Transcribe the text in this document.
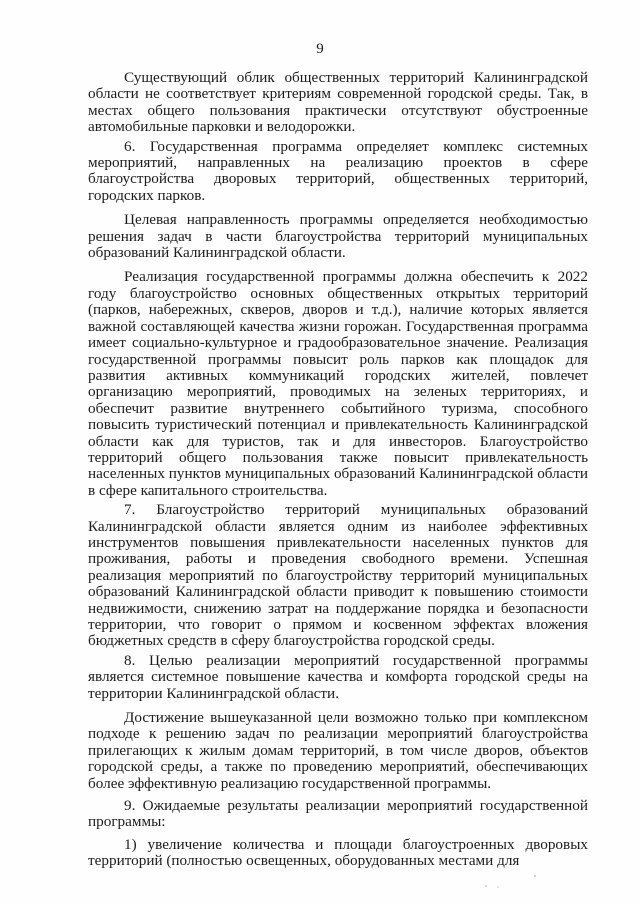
9

Существующий облик общественных территорий Калининградской области не соответствует критериям современной городской среды. Так, в местах общего пользования практически отсутствуют обустроенные автомобильные парковки и велодорожки.

6. Государственная программа определяет комплекс системных мероприятий, направленных на реализацию проектов в сфере благоустройства дворовых территорий, общественных территорий, городских парков.

Целевая направленность программы определяется необходимостью решения задач в части благоустройства территорий муниципальных образований Калининградской области.

Реализация государственной программы должна обеспечить к 2022 году благоустройство основных общественных открытых территорий (парков, набережных, скверов, дворов и т.д.), наличие которых является важной составляющей качества жизни горожан. Государственная программа имеет социально-культурное и градообразовательное значение. Реализация государственной программы повысит роль парков как площадок для развития активных коммуникаций городских жителей, повлечет организацию мероприятий, проводимых на зеленых территориях, и обеспечит развитие внутреннего событийного туризма, способного повысить туристический потенциал и привлекательность Калининградской области как для туристов, так и для инвесторов. Благоустройство территорий общего пользования также повысит привлекательность населенных пунктов муниципальных образований Калининградской области в сфере капитального строительства.

7. Благоустройство территорий муниципальных образований Калининградской области является одним из наиболее эффективных инструментов повышения привлекательности населенных пунктов для проживания, работы и проведения свободного времени. Успешная реализация мероприятий по благоустройству территорий муниципальных образований Калининградской области приводит к повышению стоимости недвижимости, снижению затрат на поддержание порядка и безопасности территории, что говорит о прямом и косвенном эффектах вложения бюджетных средств в сферу благоустройства городской среды.

8. Целью реализации мероприятий государственной программы является системное повышение качества и комфорта городской среды на территории Калининградской области.

Достижение вышеуказанной цели возможно только при комплексном подходе к решению задач по реализации мероприятий благоустройства прилегающих к жилым домам территорий, в том числе дворов, объектов городской среды, а также по проведению мероприятий, обеспечивающих более эффективную реализацию государственной программы.

9. Ожидаемые результаты реализации мероприятий государственной программы:

1) увеличение количества и площади благоустроенных дворовых территорий (полностью освещенных, оборудованных местами для
